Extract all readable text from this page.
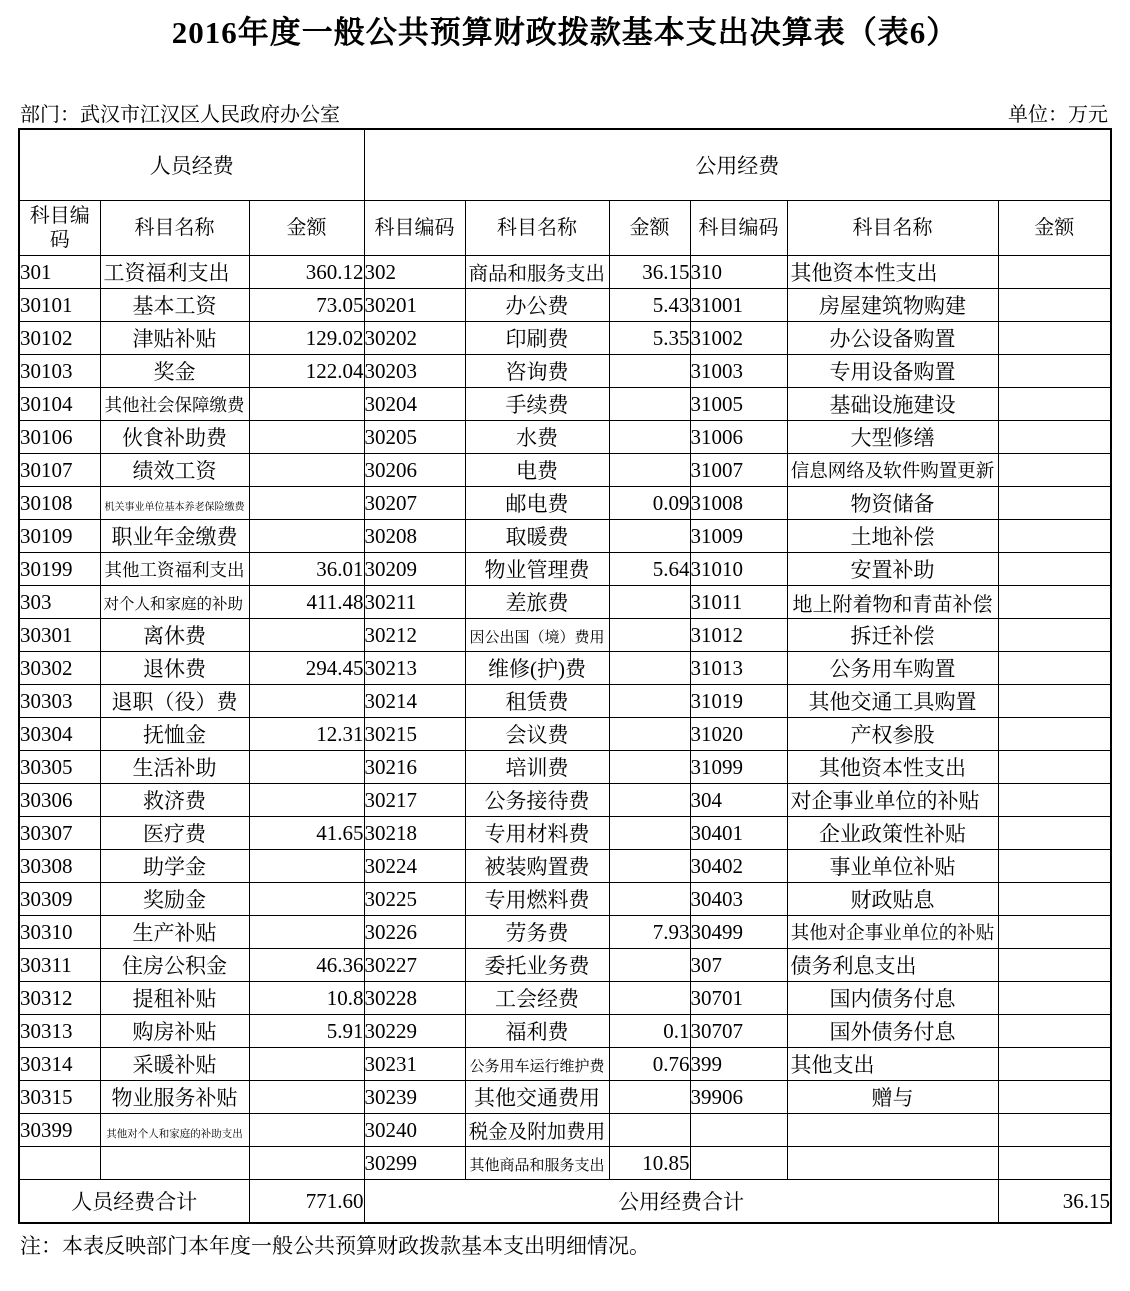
2016年度一般公共预算财政拨款基本支出决算表（表6）
部门：武汉市江汉区人民政府办公室	单位：万元
人员经费			公用经费					
科目编码	科目名称	金额	科目编码	科目名称	金额	科目编码	科目名称	金额
301	工资福利支出	360.12	302	商品和服务支出	36.15	310	其他资本性支出	
30101	基本工资	73.05	30201	办公费	5.43	31001	房屋建筑物购建	
30102	津贴补贴	129.02	30202	印刷费	5.35	31002	办公设备购置	
30103	奖金	122.04	30203	咨询费		31003	专用设备购置	
30104	其他社会保障缴费		30204	手续费		31005	基础设施建设	
30106	伙食补助费		30205	水费		31006	大型修缮	
30107	绩效工资		30206	电费		31007	信息网络及软件购置更新	
30108	机关事业单位基本养老保险缴费		30207	邮电费	0.09	31008	物资储备	
30109	职业年金缴费		30208	取暖费		31009	土地补偿	
30199	其他工资福利支出	36.01	30209	物业管理费	5.64	31010	安置补助	
303	对个人和家庭的补助	411.48	30211	差旅费		31011	地上附着物和青苗补偿	
30301	离休费		30212	因公出国（境）费用		31012	拆迁补偿	
30302	退休费	294.45	30213	维修(护)费		31013	公务用车购置	
30303	退职（役）费		30214	租赁费		31019	其他交通工具购置	
30304	抚恤金	12.31	30215	会议费		31020	产权参股	
30305	生活补助		30216	培训费		31099	其他资本性支出	
30306	救济费		30217	公务接待费		304	对企事业单位的补贴	
30307	医疗费	41.65	30218	专用材料费		30401	企业政策性补贴	
30308	助学金		30224	被装购置费		30402	事业单位补贴	
30309	奖励金		30225	专用燃料费		30403	财政贴息	
30310	生产补贴		30226	劳务费	7.93	30499	其他对企事业单位的补贴	
30311	住房公积金	46.36	30227	委托业务费		307	债务利息支出	
30312	提租补贴	10.8	30228	工会经费		30701	国内债务付息	
30313	购房补贴	5.91	30229	福利费	0.1	30707	国外债务付息	
30314	采暖补贴		30231	公务用车运行维护费	0.76	399	其他支出	
30315	物业服务补贴		30239	其他交通费用		39906	赠与	
30399	其他对个人和家庭的补助支出		30240	税金及附加费用				
			30299	其他商品和服务支出	10.85			
人员经费合计		771.60	公用经费合计					36.15
注：本表反映部门本年度一般公共预算财政拨款基本支出明细情况。
